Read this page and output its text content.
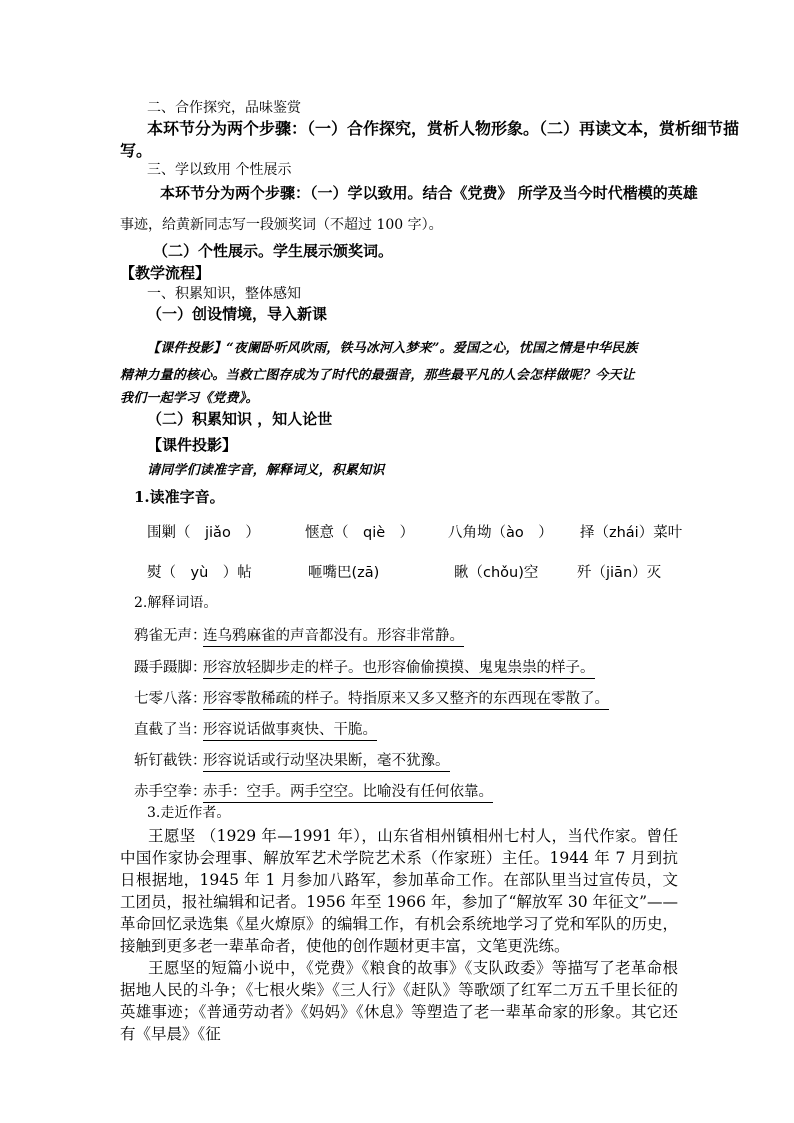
二、合作探究，品味鉴赏
本环节分为两个步骤：（一）合作探究，赏析人物形象。（二）再读文本，赏析细节描
写。
三、学以致用 个性展示
本环节分为两个步骤：（一）学以致用。结合《党费》 所学及当今时代楷模的英雄
事迹，给黄新同志写一段颁奖词（不超过 100 字）。
（二）个性展示。学生展示颁奖词。
【教学流程】
一、积累知识，整体感知
（一）创设情境，导入新课
【课件投影】“夜阑卧听风吹雨，铁马冰河入梦来”。爱国之心，忧国之情是中华民族
精神力量的核心。当救亡图存成为了时代的最强音，那些最平凡的人会怎样做呢？今天让
我们一起学习《党费》。
（二）积累知识 ，知人论世
【课件投影】
请同学们读准字音，解释词义，积累知识
1.读准字音。
围剿（　jiǎo　）	惬意（　qiè　） 八角坳（ào　） 择（zhái）菜叶
熨（　yù　）帖	咂嘴巴(zā)	瞅（chǒu)空	歼（jiān）灭
2.解释词语。
鸦雀无声：
连乌鸦麻雀的声音都没有。形容非常静。
蹑手蹑脚：
形容放轻脚步走的样子。也形容偷偷摸摸、鬼鬼祟祟的样子。
七零八落：
形容零散稀疏的样子。特指原来又多又整齐的东西现在零散了。
直截了当：
形容说话做事爽快、干脆。
斩钉截铁：
形容说话或行动坚决果断，毫不犹豫。
赤手空拳：
赤手：空手。两手空空。比喻没有任何依靠。
3.走近作者。
王愿坚 （1929 年—1991 年），山东省相州镇相州七村人，当代作家。曾任中国作家协会理事、解放军艺术学院艺术系（作家班）主任。1944 年 7 月到抗日根据地，1945 年 1 月参加八路军，参加革命工作。在部队里当过宣传员，文工团员，报社编辑和记者。1956 年至 1966 年，参加了“解放军 30 年征文”——革命回忆录选集《星火燎原》的编辑工作，有机会系统地学习了党和军队的历史，接触到更多老一辈革命者，使他的创作题材更丰富，文笔更洗练。
王愿坚的短篇小说中，《党费》《粮食的故事》《支队政委》等描写了老革命根据地人民的斗争；《七根火柴》《三人行》《赶队》等歌颂了红军二万五千里长征的英雄事迹；《普通劳动者》《妈妈》《休息》等塑造了老一辈革命家的形象。其它还有《早晨》《征
